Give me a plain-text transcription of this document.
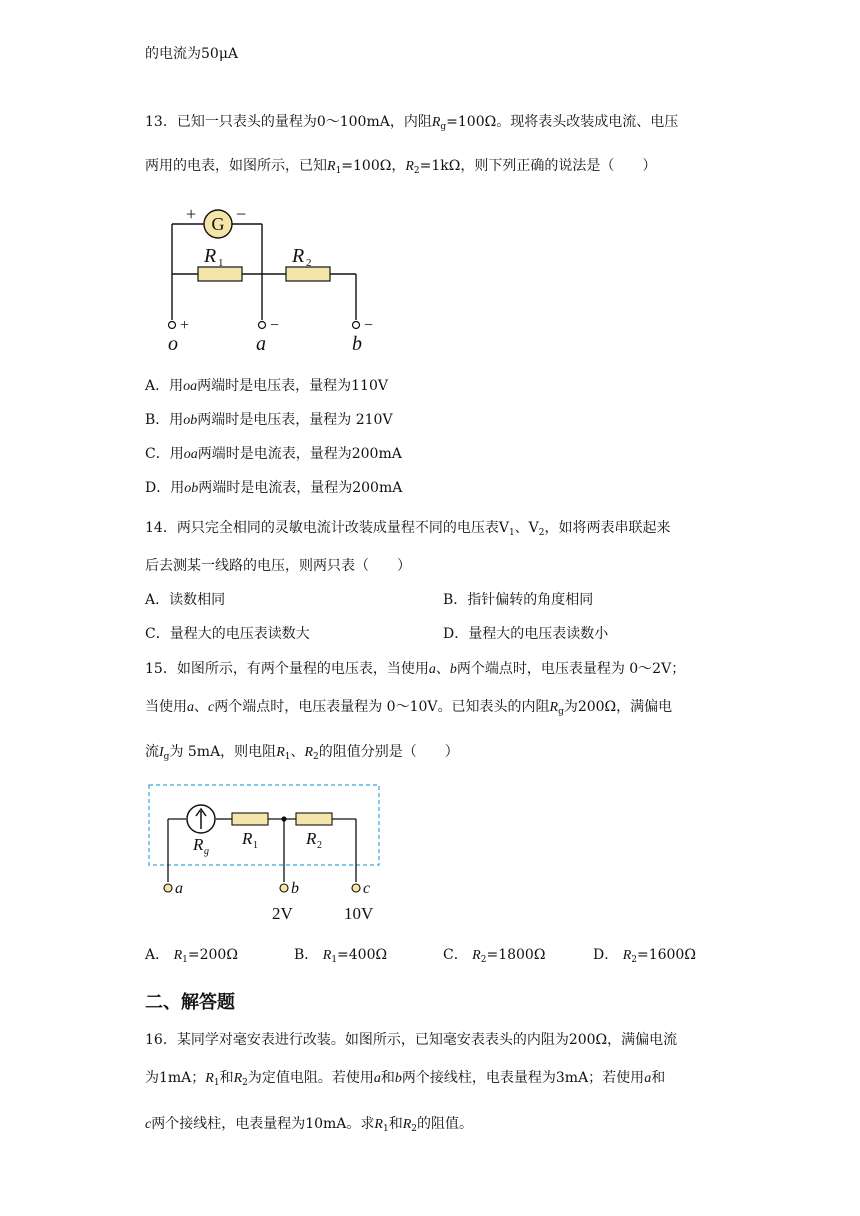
的电流为50μA
13．已知一只表头的量程为0～100mA，内阻$R_g=100\Omega$。现将表头改装成电流、电压
两用的电表，如图所示，已知$R_1=100\Omega$，$R_2=1k\Omega$，则下列正确的说法是（　　）
G
+ −
R 1	R 2
+	−	−
o	a	b
A．用oa两端时是电压表，量程为110V
B．用ob两端时是电压表，量程为 210V
C．用oa两端时是电流表，量程为200mA
D．用ob两端时是电流表，量程为200mA
14．两只完全相同的灵敏电流计改装成量程不同的电压表$V_1$、$V_2$，如将两表串联起来
后去测某一线路的电压，则两只表（　　）
A．读数相同	B．指针偏转的角度相同
C．量程大的电压表读数大	D．量程大的电压表读数小
15．如图所示，有两个量程的电压表，当使用a、b两个端点时，电压表量程为 0～2V；
当使用a、c两个端点时，电压表量程为 0～10V。已知表头的内阻$R_g$为200Ω，满偏电
流$I_g$为 5mA，则电阻$R_1$、$R_2$的阻值分别是（　　）
R g
R 1	R 2
a	b	c
2V	10V
A． $R_1=200\Omega$	B． $R_1=400\Omega$	C． $R_2=1800\Omega$	D． $R_2=1600\Omega$
二、解答题
16．某同学对毫安表进行改装。如图所示，已知毫安表表头的内阻为200Ω，满偏电流
为1mA；$R_1$和$R_2$为定值电阻。若使用a和b两个接线柱，电表量程为3mA；若使用a和
c两个接线柱，电表量程为10mA。求$R_1$和$R_2$的阻值。
